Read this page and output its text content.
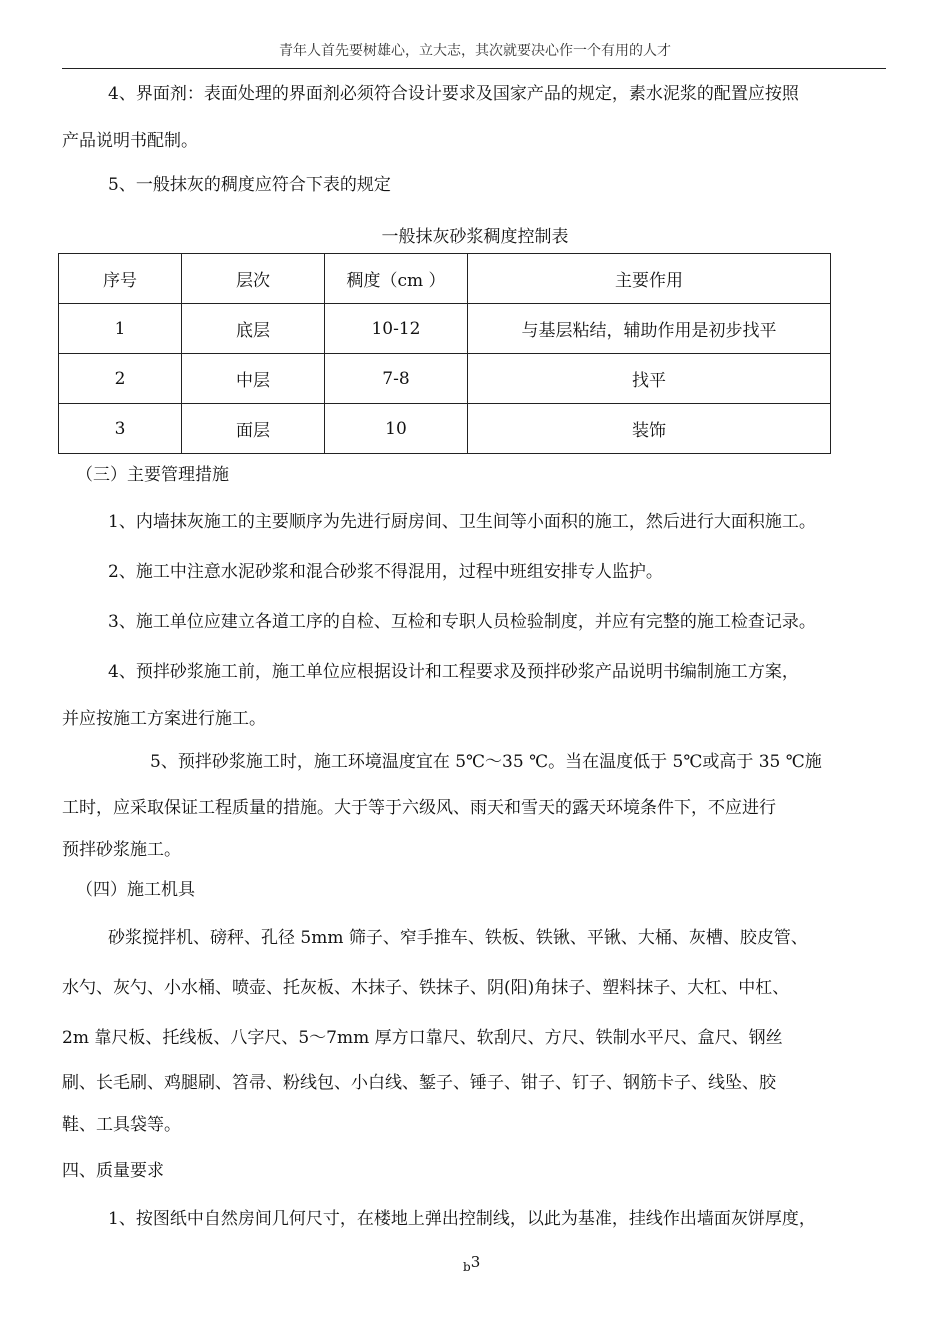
青年人首先要树雄心，立大志，其次就要决心作一个有用的人才
4、界面剂：表面处理的界面剂必须符合设计要求及国家产品的规定，素水泥浆的配置应按照
产品说明书配制。
5、一般抹灰的稠度应符合下表的规定
一般抹灰砂浆稠度控制表
序号	层次	稠度（cm ）	主要作用
1	底层	10-12	与基层粘结，辅助作用是初步找平
2	中层	7-8	找平
3	面层	10	装饰
（三）主要管理措施
1、内墙抹灰施工的主要顺序为先进行厨房间、卫生间等小面积的施工，然后进行大面积施工。
2、施工中注意水泥砂浆和混合砂浆不得混用，过程中班组安排专人监护。
3、施工单位应建立各道工序的自检、互检和专职人员检验制度，并应有完整的施工检查记录。
4、预拌砂浆施工前，施工单位应根据设计和工程要求及预拌砂浆产品说明书编制施工方案，
并应按施工方案进行施工。
5、预拌砂浆施工时，施工环境温度宜在 5℃～35 ℃。当在温度低于 5℃或高于 35 ℃施
工时，应采取保证工程质量的措施。大于等于六级风、雨天和雪天的露天环境条件下，不应进行
预拌砂浆施工。
（四）施工机具
砂浆搅拌机、磅秤、孔径 5mm 筛子、窄手推车、铁板、铁锹、平锹、大桶、灰槽、胶皮管、
水勺、灰勺、小水桶、喷壶、托灰板、木抹子、铁抹子、阴(阳)角抹子、塑料抹子、大杠、中杠、
2m 靠尺板、托线板、八字尺、5～7mm 厚方口靠尺、软刮尺、方尺、铁制水平尺、盒尺、钢丝
刷、长毛刷、鸡腿刷、笤帚、粉线包、小白线、錾子、锤子、钳子、钉子、钢筋卡子、线坠、胶
鞋、工具袋等。
四、质量要求
1、按图纸中自然房间几何尺寸，在楼地上弹出控制线，以此为基准，挂线作出墙面灰饼厚度，
$_b$3
